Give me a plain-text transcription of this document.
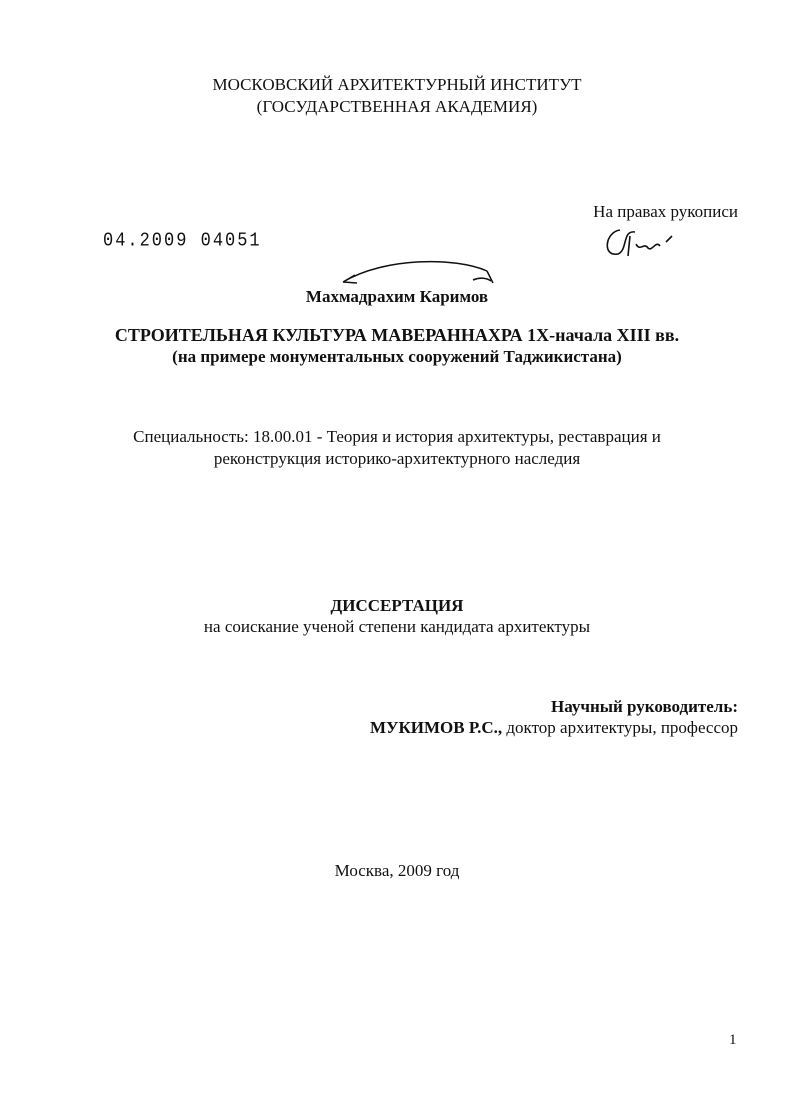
МОСКОВСКИЙ АРХИТЕКТУРНЫЙ ИНСТИТУТ
(ГОСУДАРСТВЕННАЯ АКАДЕМИЯ)
На правах рукописи
04.2009 04051
Махмадрахим Каримов
СТРОИТЕЛЬНАЯ КУЛЬТУРА МАВЕРАННАХРА 1Х-начала XIII вв.
(на примере монументальных сооружений Таджикистана)
Специальность: 18.00.01 - Теория и история архитектуры, реставрация и
реконструкция историко-архитектурного наследия
ДИССЕРТАЦИЯ
на соискание ученой степени кандидата архитектуры
Научный руководитель:
МУКИМОВ Р.С., доктор архитектуры, профессор
Москва, 2009 год
1
